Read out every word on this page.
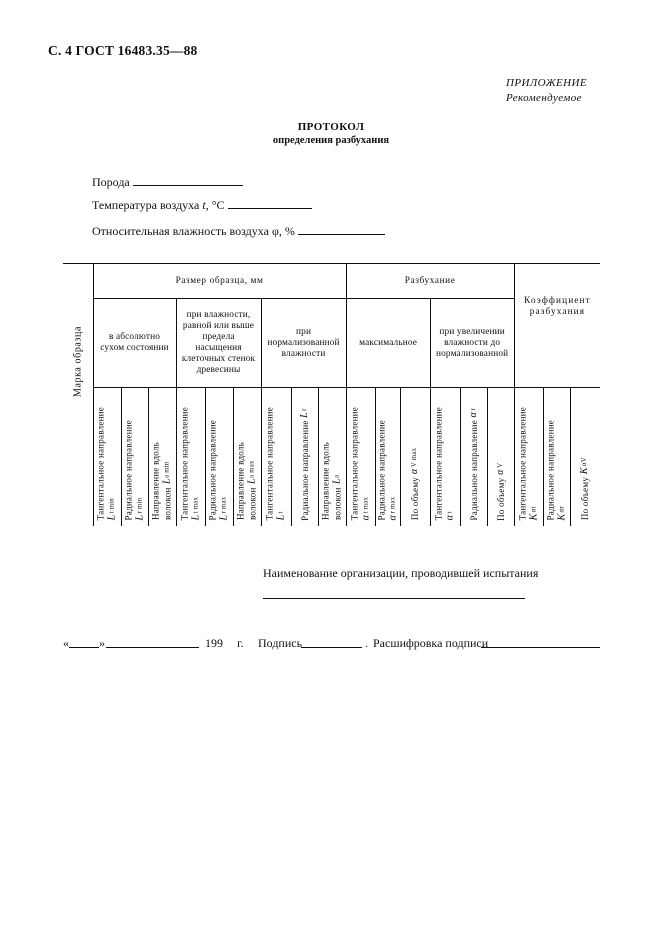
С. 4 ГОСТ 16483.35—88
ПРИЛОЖЕНИЕ
Рекомендуемое
ПРОТОКОЛ
определения разбухания
Порода
Температура воздуха t, °C
Относительная влажность воздуха φ, %
Марка образца	Размер образца, мм									Разбухание						Коэффициент разбухания		
	в абсолютно сухом состоянии			при влажности, равной или выше предела насыщения клеточных стенок древесины			при нормализованной влажности			максимальное			при увеличении влажности до нормализованной					

	Тангентальное направление Lt min	Радиальное направление Lr min	Направление вдоль волоконLa min	Тангентальное направление Lt max	Радиальное направление Lr max	Направление вдоль волоконLa max	Тангентальное направление Lt	Радиальное направлениеLr	Направление вдоль волоконLa	Тангентальное направление αt max	Радиальное направление αr max	По объемуαV max	Тангентальное направление αt	Радиальное направлениеαr	По объемуαV	Тангентальное направление Kαt	Радиальное направление Kαr	По объемуKαV
Наименование организации, проводившей испытания
«	»	199 г. Подпись	. Расшифровка подписи
